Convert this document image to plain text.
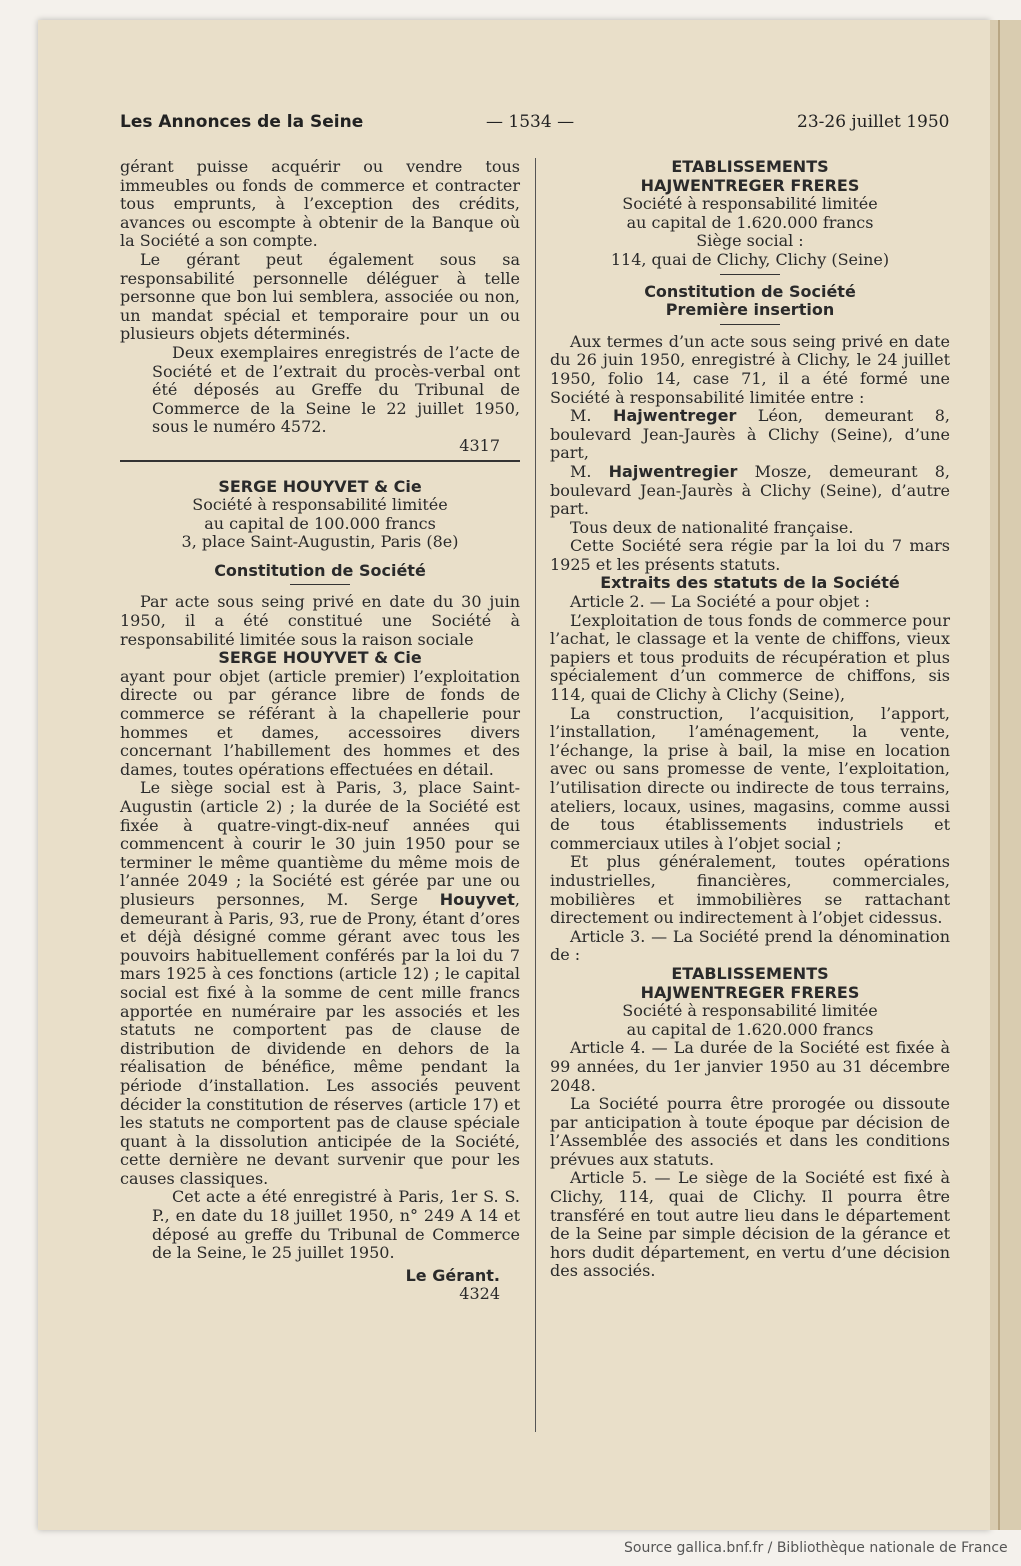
Les Annonces de la Seine	— 1534 —	23-26 juillet 1950

gérant puisse acquérir ou vendre tous immeubles ou fonds de commerce et contracter tous emprunts, à l’exception des crédits, avances ou escompte à obtenir de la Banque où la Société a son compte.

Le gérant peut également sous sa responsabilité personnelle déléguer à telle personne que bon lui semblera, associée ou non, un mandat spécial et temporaire pour un ou plusieurs objets déterminés.

Deux exemplaires enregistrés de l’acte de Société et de l’extrait du procès-verbal ont été déposés au Greffe du Tribunal de Commerce de la Seine le 22 juillet 1950, sous le numéro 4572.

4317

SERGE HOUYVET & Cie

Société à responsabilité limitée

au capital de 100.000 francs

3, place Saint-Augustin, Paris (8e)

Constitution de Société

Par acte sous seing privé en date du 30 juin 1950, il a été constitué une Société à responsabilité limitée sous la raison sociale

SERGE HOUYVET & Cie

ayant pour objet (article premier) l’exploitation directe ou par gérance libre de fonds de commerce se référant à la chapellerie pour hommes et dames, accessoires divers concernant l’habillement des hommes et des dames, toutes opérations effectuées en détail.

Le siège social est à Paris, 3, place Saint-Augustin (article 2) ; la durée de la Société est fixée à quatre-vingt-dix-neuf années qui commencent à courir le 30 juin 1950 pour se terminer le même quantième du même mois de l’année 2049 ; la Société est gérée par une ou plusieurs personnes, M. Serge Houyvet, demeurant à Paris, 93, rue de Prony, étant d’ores et déjà désigné comme gérant avec tous les pouvoirs habituellement conférés par la loi du 7 mars 1925 à ces fonctions (article 12) ; le capital social est fixé à la somme de cent mille francs apportée en numéraire par les associés et les statuts ne comportent pas de clause de distribution de dividende en dehors de la réalisation de bénéfice, même pendant la période d’installation. Les associés peuvent décider la constitution de réserves (article 17) et les statuts ne comportent pas de clause spéciale quant à la dissolution anticipée de la Société, cette dernière ne devant survenir que pour les causes classiques.

Cet acte a été enregistré à Paris, 1er S. S. P., en date du 18 juillet 1950, n° 249 A 14 et déposé au greffe du Tribunal de Commerce de la Seine, le 25 juillet 1950.

Le Gérant.

4324

ETABLISSEMENTS

HAJWENTREGER FRERES

Société à responsabilité limitée

au capital de 1.620.000 francs

Siège social :

114, quai de Clichy, Clichy (Seine)

Constitution de Société

Première insertion

Aux termes d’un acte sous seing privé en date du 26 juin 1950, enregistré à Clichy, le 24 juillet 1950, folio 14, case 71, il a été formé une Société à responsabilité limitée entre :

M. Hajwentreger Léon, demeurant 8, boulevard Jean-Jaurès à Clichy (Seine), d’une part,

M. Hajwentregier Mosze, demeurant 8, boulevard Jean-Jaurès à Clichy (Seine), d’autre part.

Tous deux de nationalité française.

Cette Société sera régie par la loi du 7 mars 1925 et les présents statuts.

Extraits des statuts de la Société

Article 2. — La Société a pour objet :

L’exploitation de tous fonds de commerce pour l’achat, le classage et la vente de chiffons, vieux papiers et tous produits de récupération et plus spécialement d’un commerce de chiffons, sis 114, quai de Clichy à Clichy (Seine),

La construction, l’acquisition, l’apport, l’installation, l’aménagement, la vente, l’échange, la prise à bail, la mise en location avec ou sans promesse de vente, l’exploitation, l’utilisation directe ou indirecte de tous terrains, ateliers, locaux, usines, magasins, comme aussi de tous établissements industriels et commerciaux utiles à l’objet social ;

Et plus généralement, toutes opérations industrielles, financières, commerciales, mobilières et immobilières se rattachant directement ou indirectement à l’objet cidessus.

Article 3. — La Société prend la dénomination de :

ETABLISSEMENTS

HAJWENTREGER FRERES

Société à responsabilité limitée

au capital de 1.620.000 francs

Article 4. — La durée de la Société est fixée à 99 années, du 1er janvier 1950 au 31 décembre 2048.

La Société pourra être prorogée ou dissoute par anticipation à toute époque par décision de l’Assemblée des associés et dans les conditions prévues aux statuts.

Article 5. — Le siège de la Société est fixé à Clichy, 114, quai de Clichy. Il pourra être transféré en tout autre lieu dans le département de la Seine par simple décision de la gérance et hors dudit département, en vertu d’une décision des associés.

Source gallica.bnf.fr / Bibliothèque nationale de France
